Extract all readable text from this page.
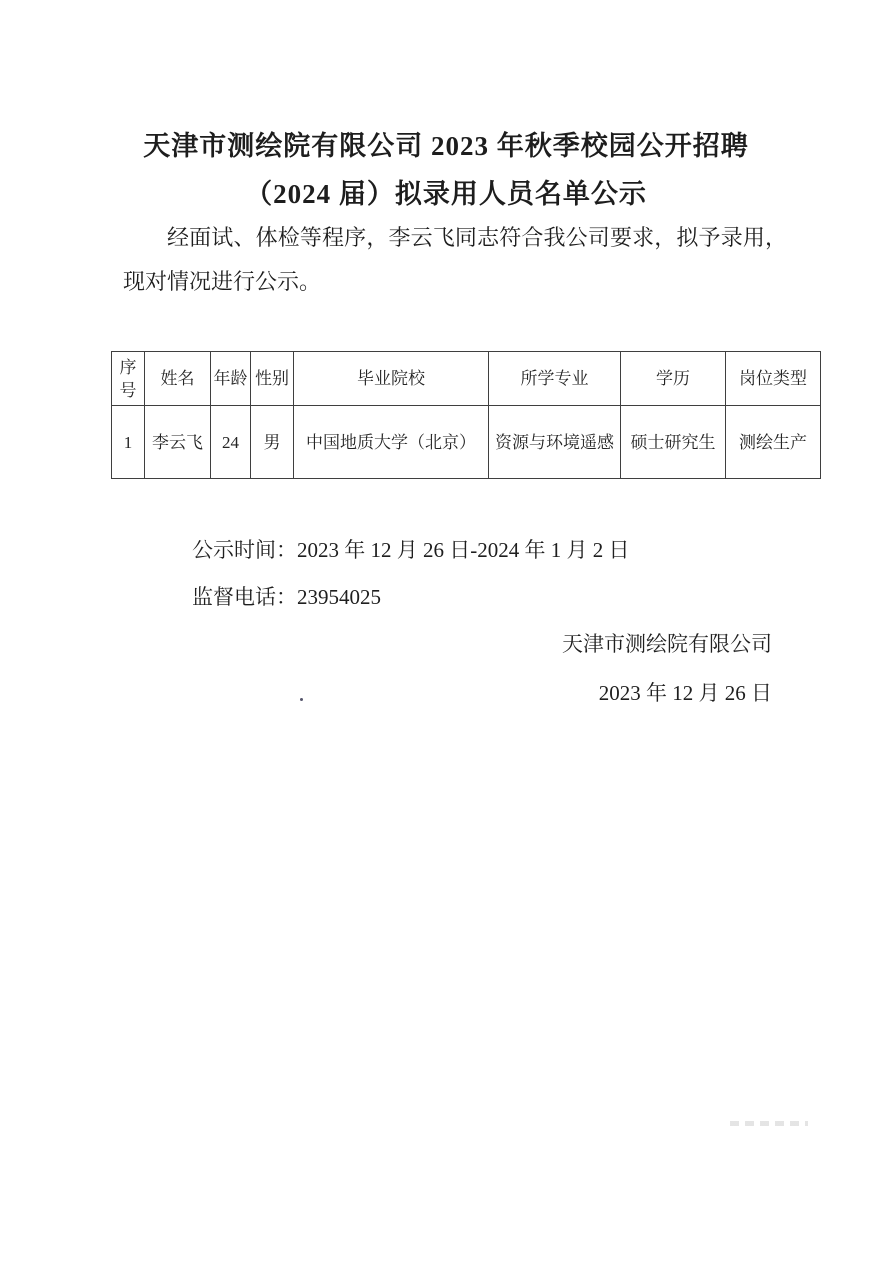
天津市测绘院有限公司 2023 年秋季校园公开招聘
（2024 届）拟录用人员名单公示
经面试、体检等程序，李云飞同志符合我公司要求，拟予录用，现对情况进行公示。
序号	姓名	年龄	性别	毕业院校	所学专业	学历	岗位类型
1	李云飞	24	男	中国地质大学（北京）	资源与环境遥感	硕士研究生	测绘生产
公示时间：2023 年 12 月 26 日-2024 年 1 月 2 日
监督电话：23954025
天津市测绘院有限公司
2023 年 12 月 26 日
